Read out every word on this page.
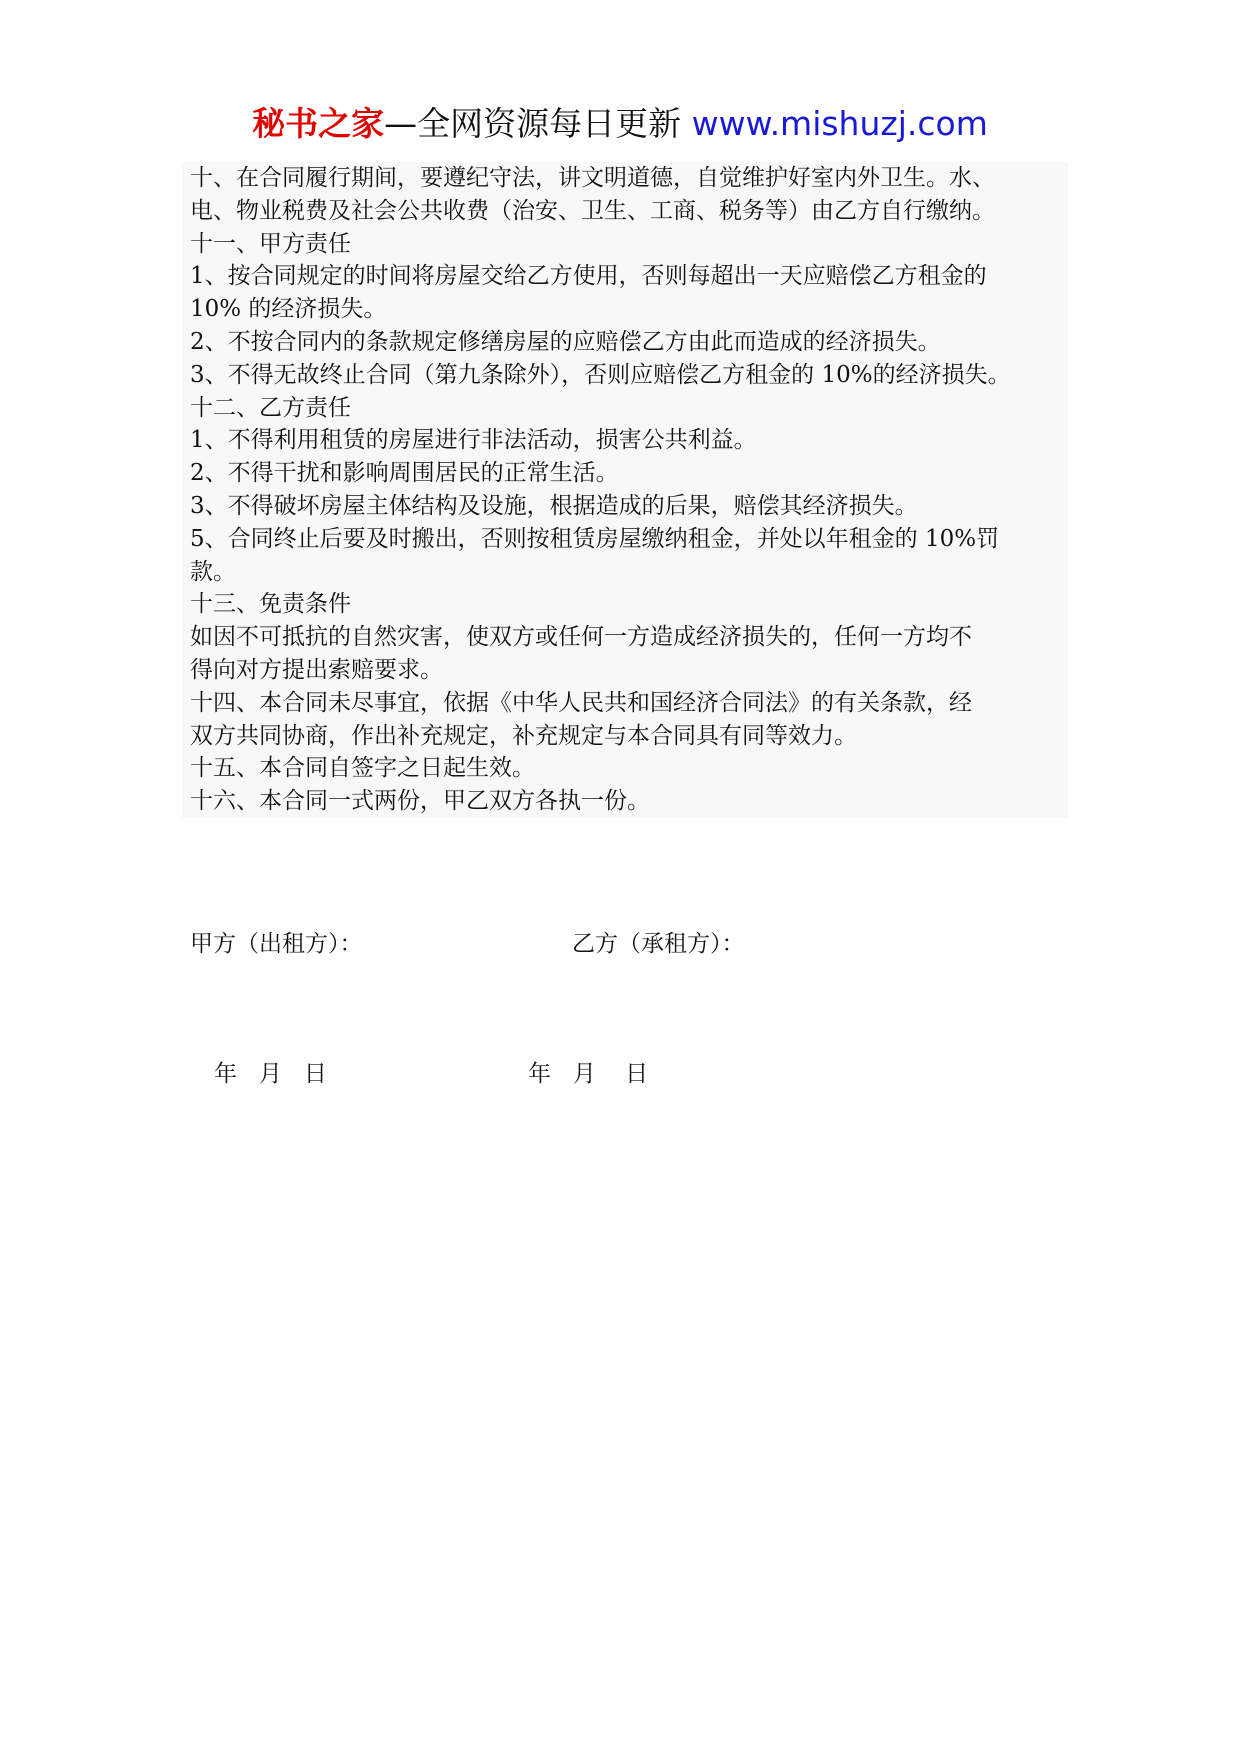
秘书之家—全网资源每日更新 www.mishuzj.com

十、在合同履行期间，要遵纪守法，讲文明道德，自觉维护好室内外卫生。水、

电、物业税费及社会公共收费（治安、卫生、工商、税务等）由乙方自行缴纳。

十一、甲方责任

1、按合同规定的时间将房屋交给乙方使用，否则每超出一天应赔偿乙方租金的

10% 的经济损失。

2、不按合同内的条款规定修缮房屋的应赔偿乙方由此而造成的经济损失。

3、不得无故终止合同（第九条除外），否则应赔偿乙方租金的 10%的经济损失。

十二、乙方责任

1、不得利用租赁的房屋进行非法活动，损害公共利益。

2、不得干扰和影响周围居民的正常生活。

3、不得破坏房屋主体结构及设施，根据造成的后果，赔偿其经济损失。

5、合同终止后要及时搬出，否则按租赁房屋缴纳租金，并处以年租金的 10%罚

款。

十三、免责条件

如因不可抵抗的自然灾害，使双方或任何一方造成经济损失的，任何一方均不

得向对方提出索赔要求。

十四、本合同未尽事宜，依据《中华人民共和国经济合同法》的有关条款，经

双方共同协商，作出补充规定，补充规定与本合同具有同等效力。

十五、本合同自签字之日起生效。

十六、本合同一式两份，甲乙双方各执一份。

甲方（出租方）：	乙方（承租方）：
年   月   日	年   月    日
